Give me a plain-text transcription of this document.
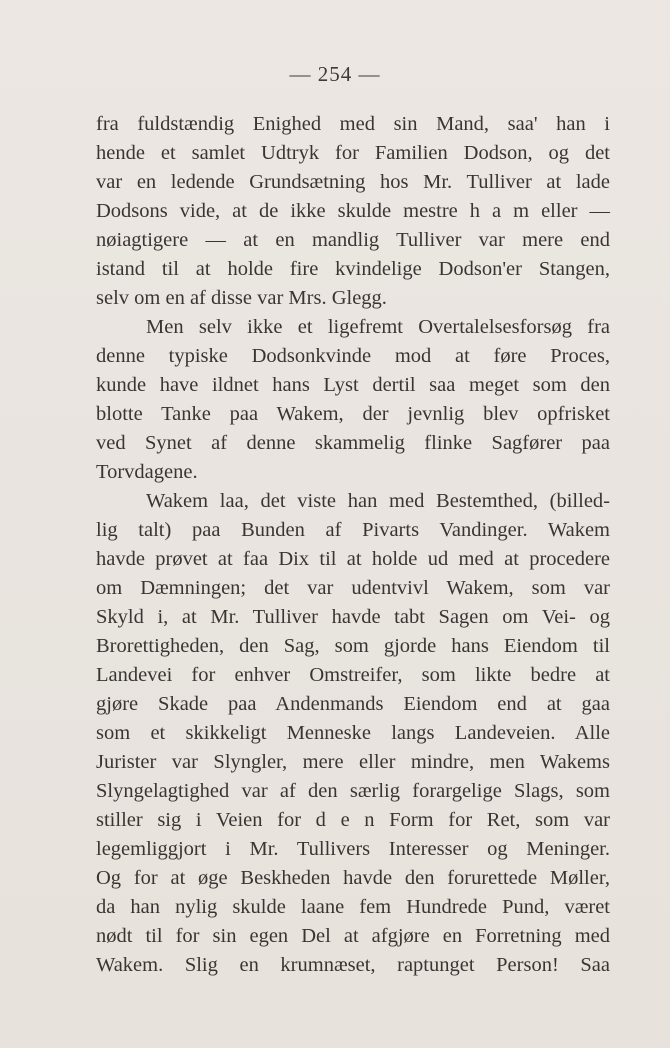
— 254 —
fra fuldstændig Enighed med sin Mand, saa' han i
hende et samlet Udtryk for Familien Dodson, og det
var en ledende Grundsætning hos Mr. Tulliver at lade
Dodsons vide, at de ikke skulde mestre h a m eller —
nøiagtigere — at en mandlig Tulliver var mere end
istand til at holde fire kvindelige Dodson'er Stangen,
selv om en af disse var Mrs. Glegg.
Men selv ikke et ligefremt Overtalelsesforsøg fra
denne typiske Dodsonkvinde mod at føre Proces,
kunde have ildnet hans Lyst dertil saa meget som den
blotte Tanke paa Wakem, der jevnlig blev opfrisket
ved Synet af denne skammelig flinke Sagfører paa
Torvdagene.
Wakem laa, det viste han med Bestemthed, (billed-
lig talt) paa Bunden af Pivarts Vandinger. Wakem
havde prøvet at faa Dix til at holde ud med at procedere
om Dæmningen; det var udentvivl Wakem, som var
Skyld i, at Mr. Tulliver havde tabt Sagen om Vei- og
Brorettigheden, den Sag, som gjorde hans Eiendom til
Landevei for enhver Omstreifer, som likte bedre at
gjøre Skade paa Andenmands Eiendom end at gaa
som et skikkeligt Menneske langs Landeveien. Alle
Jurister var Slyngler, mere eller mindre, men Wakems
Slyngelagtighed var af den særlig forargelige Slags, som
stiller sig i Veien for d e n Form for Ret, som var
legemliggjort i Mr. Tullivers Interesser og Meninger.
Og for at øge Beskheden havde den forurettede Møller,
da han nylig skulde laane fem Hundrede Pund, været
nødt til for sin egen Del at afgjøre en Forretning med
Wakem. Slig en krumnæset, raptunget Person! Saa
